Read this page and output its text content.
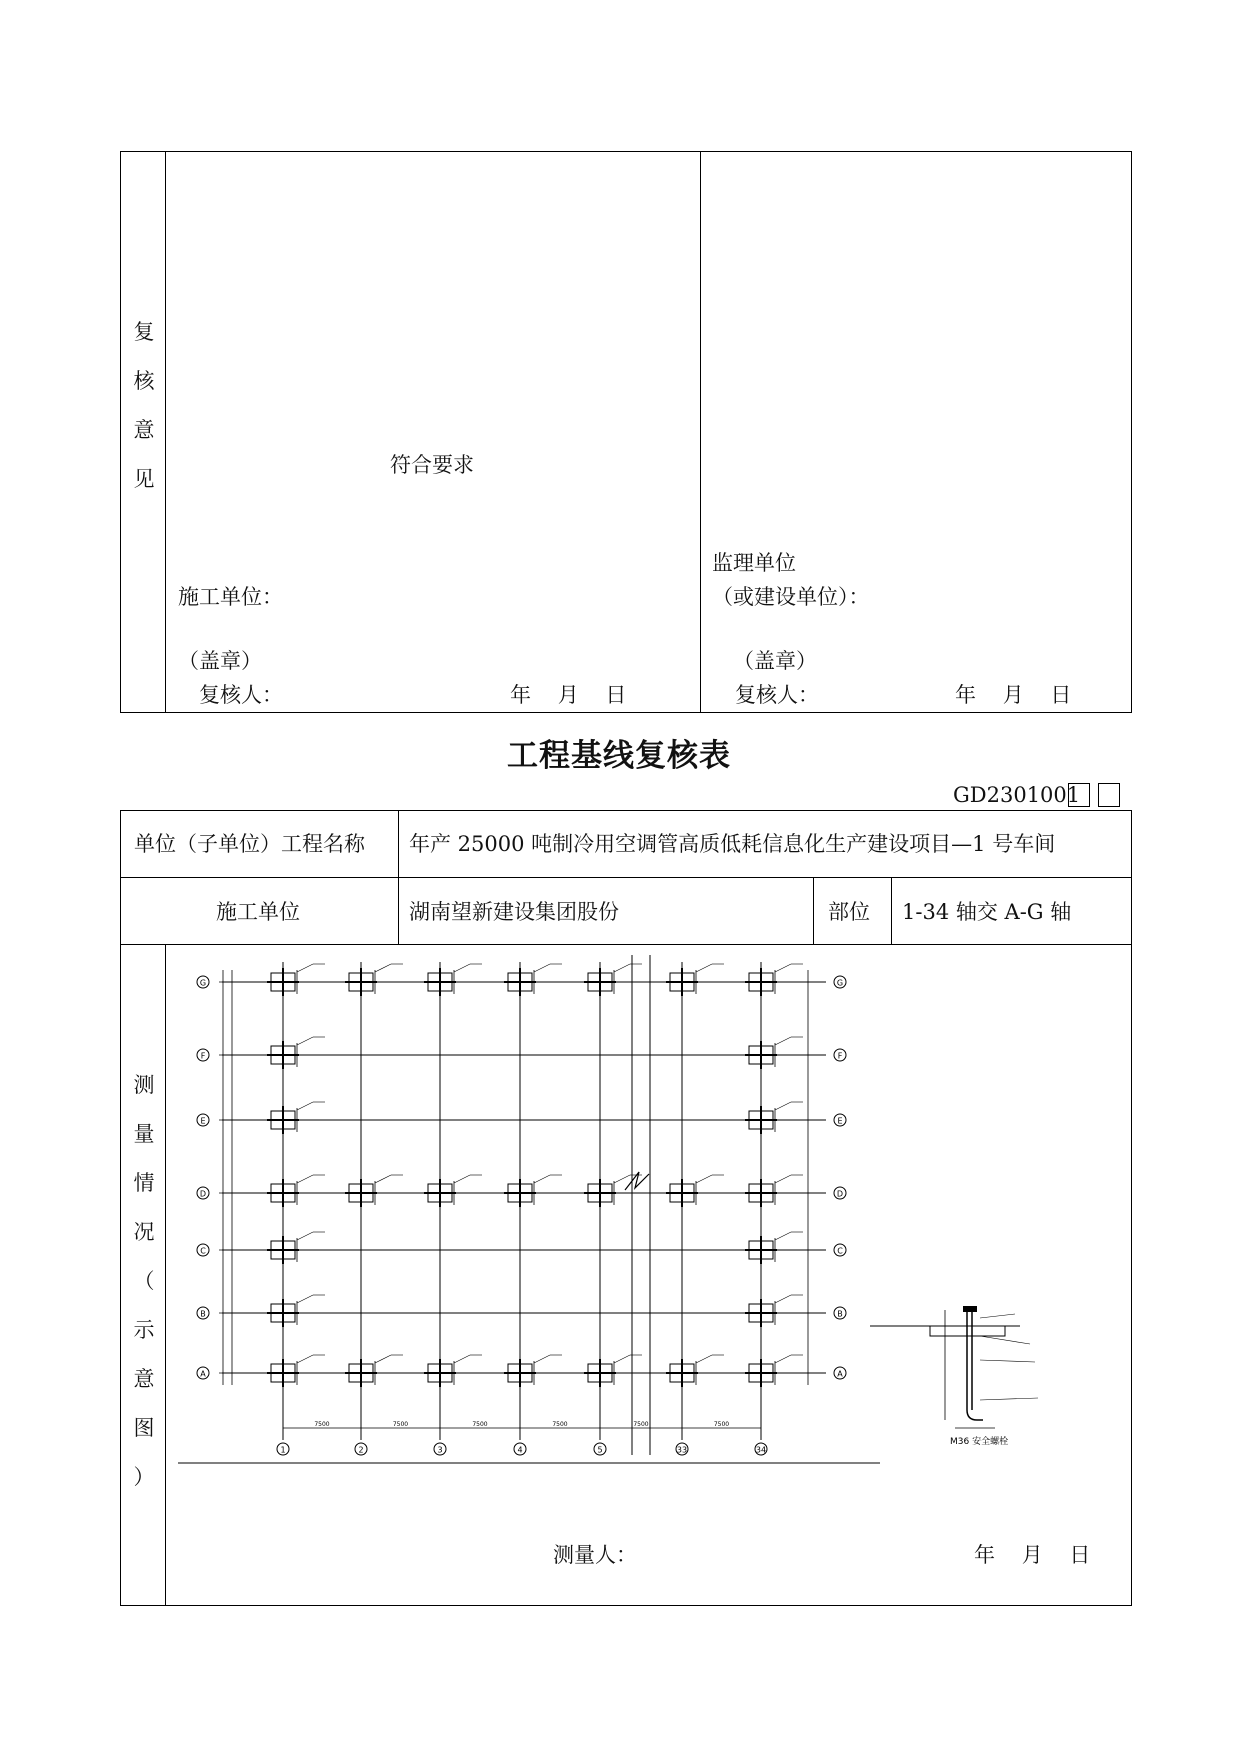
复
核
意
见
符合要求
施工单位：
（盖章）
复核人：	年    月    日
监理单位
（或建设单位）：
（盖章）
复核人：	年    月    日
工程基线复核表
GD2301001
单位（子单位）工程名称 年产 25000 吨制冷用空调管高质低耗信息化生产建设项目—1 号车间
施工单位	湖南望新建设集团股份	部位 1-34 轴交 A-G 轴
测
量
情
况
（
示
意
图
）
测量人：	年    月    日
G	G
F	F
E	E
D	D
C	C
B	B
A	A
1	2	3	4	5	33	34
7500	7500	7500	7500	7500	7500
M36 安全螺栓
